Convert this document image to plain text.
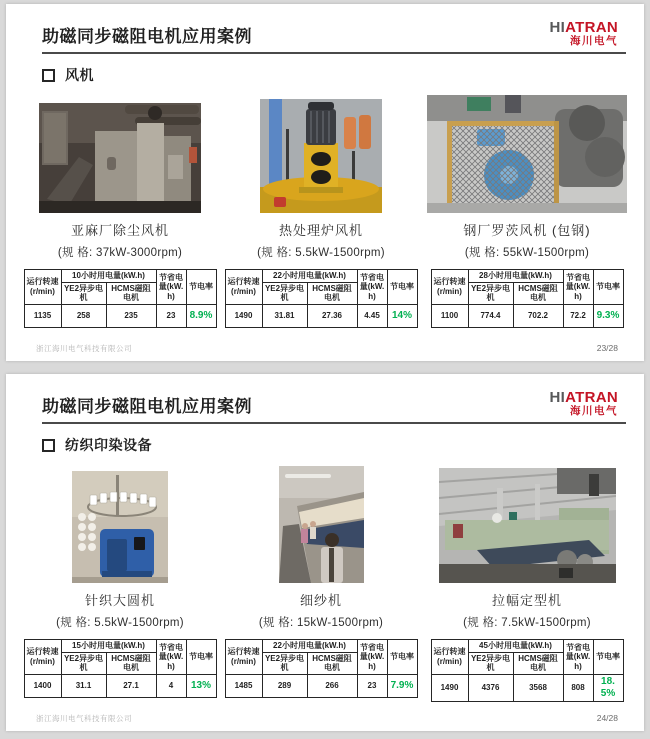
助磁同步磁阻电机应用案例	HIATRAN
海川电气
风机
亚麻厂除尘风机
(规 格: 37kW-3000rpm)
运行转速
(r/min)	10小时用电量(kW.h)		节省电量(kW.h)	节电率
	YE2异步电机	HCMS磁阻电机		
1135	258	235	23	8.9%
热处理炉风机
(规 格: 5.5kW-1500rpm)
运行转速
(r/min)	22小时用电量(kW.h)		节省电量(kW.h)	节电率
	YE2异步电机	HCMS磁阻电机		
1490	31.81	27.36	4.45	14%
钢厂罗茨风机 (包钢)
(规 格: 55kW-1500rpm)
运行转速
(r/min)	28小时用电量(kW.h)		节省电量(kW.h)	节电率
	YE2异步电机	HCMS磁阻电机		
1100	774.4	702.2	72.2	9.3%
浙江海川电气科技有限公司	23/28
助磁同步磁阻电机应用案例	HIATRAN
海川电气
纺织印染设备
针织大圆机
(规 格: 5.5kW-1500rpm)
运行转速
(r/min)	15小时用电量(kW.h)		节省电量(kW.h)	节电率
	YE2异步电机	HCMS磁阻电机		
1400	31.1	27.1	4	13%
细纱机
(规 格: 15kW-1500rpm)
运行转速
(r/min)	22小时用电量(kW.h)		节省电量(kW.h)	节电率
	YE2异步电机	HCMS磁阻电机		
1485	289	266	23	7.9%
拉幅定型机
(规 格: 7.5kW-1500rpm)
运行转速
(r/min)	45小时用电量(kW.h)		节省电量(kW.h)	节电率
	YE2异步电机	HCMS磁阻电机		
1490	4376	3568	808	18.5%
浙江海川电气科技有限公司	24/28
